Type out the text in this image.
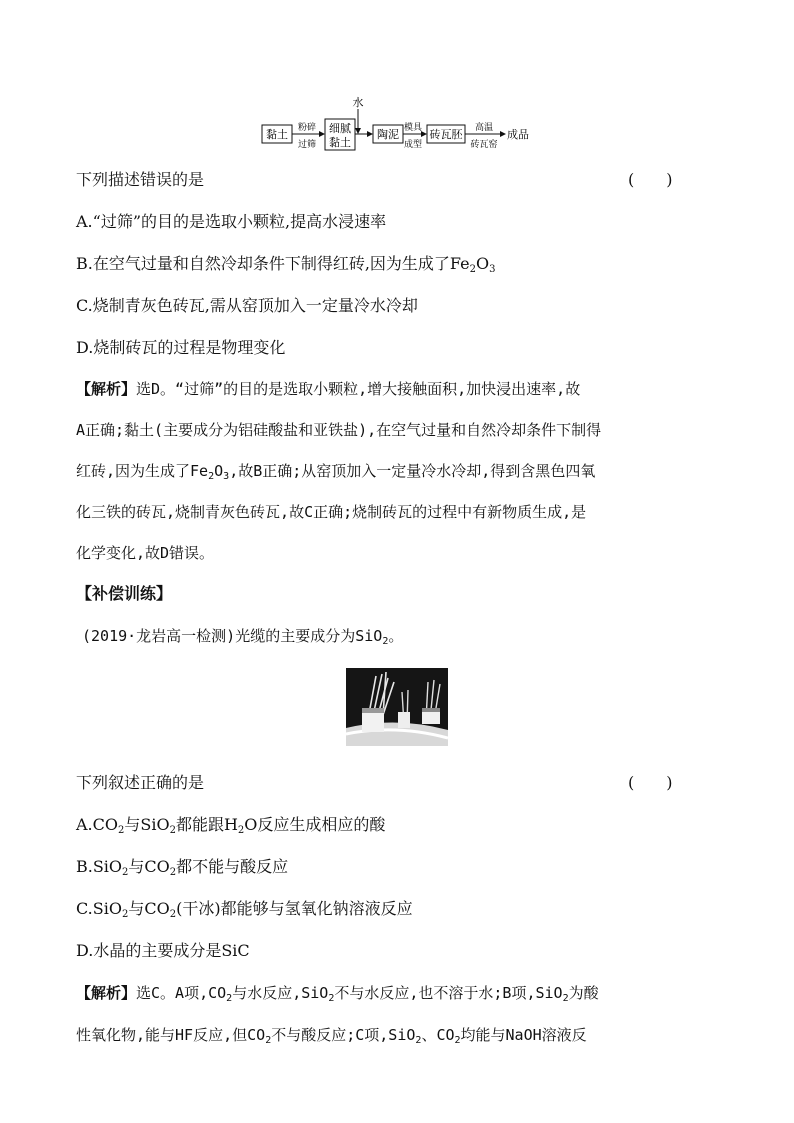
黏土 粉碎
过筛
细腻
黏土
水
陶泥 模具
成型
砖瓦胚 高温
砖瓦窑
成品
下列描述错误的是	(　　)
A.“过筛”的目的是选取小颗粒,提高水浸速率
B.在空气过量和自然冷却条件下制得红砖,因为生成了$Fe_2O_3$
C.烧制青灰色砖瓦,需从窑顶加入一定量冷水冷却
D.烧制砖瓦的过程是物理变化
【解析】选D。“过筛”的目的是选取小颗粒,增大接触面积,加快浸出速率,故
A正确;黏土(主要成分为铝硅酸盐和亚铁盐),在空气过量和自然冷却条件下制得
红砖,因为生成了$Fe_2O_3$,故B正确;从窑顶加入一定量冷水冷却,得到含黑色四氧
化三铁的砖瓦,烧制青灰色砖瓦,故C正确;烧制砖瓦的过程中有新物质生成,是
化学变化,故D错误。
【补偿训练】
(2019·龙岩高一检测)光缆的主要成分为SiO$_2$。
下列叙述正确的是	(　　)
$A.CO_2$与SiO$_2$都能跟$H_2O$反应生成相应的酸
B.SiO$_2$与$CO_2$都不能与酸反应
C.SiO$_2$与$CO_2$(干冰)都能够与氢氧化钠溶液反应
D.水晶的主要成分是SiC
【解析】选C。A项$,CO_2$与水反应,SiO$_2$不与水反应,也不溶于水;B项,SiO$_2$为酸
性氧化物,能与HF反应,但$CO_2$不与酸反应;C项,SiO$_2$、$CO_2$均能与NaOH溶液反
